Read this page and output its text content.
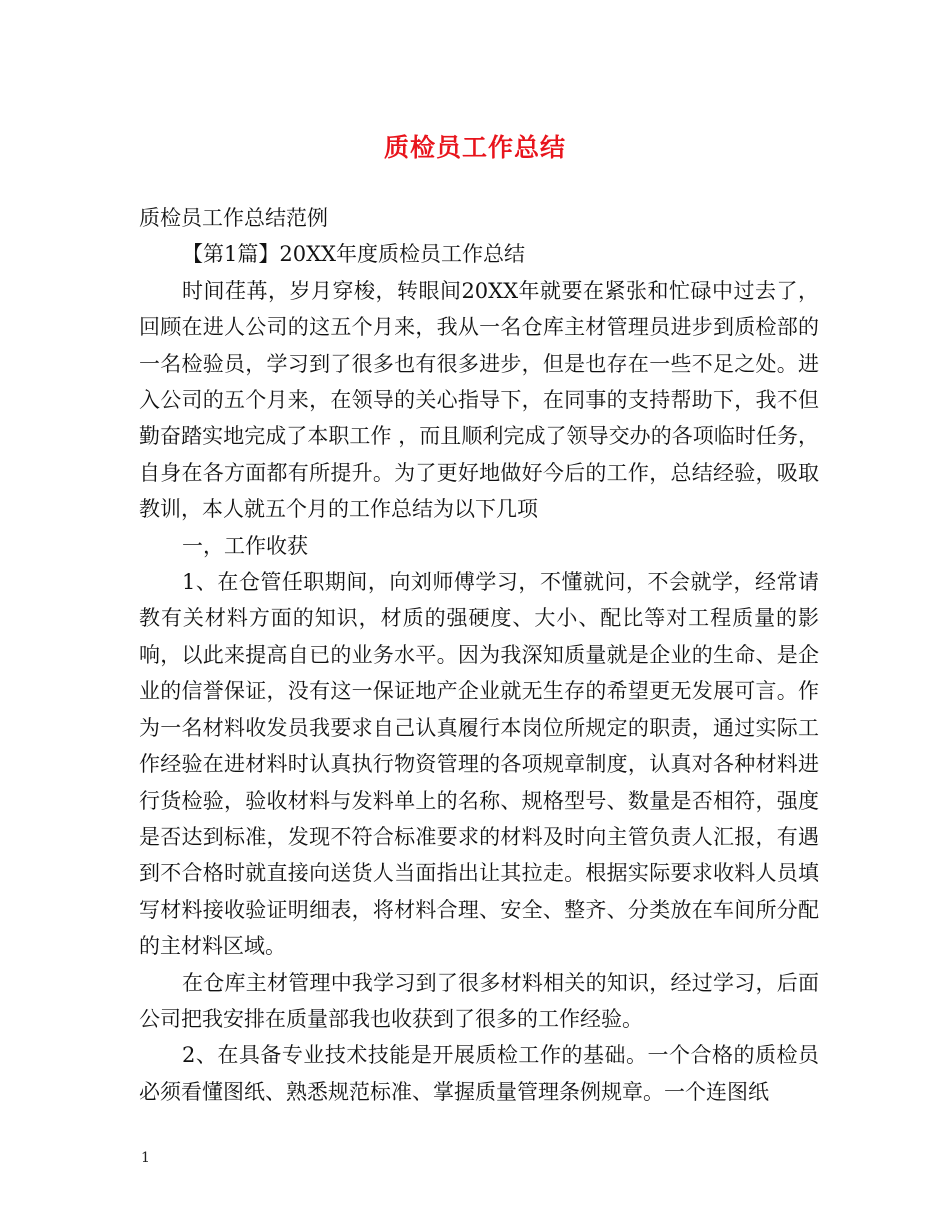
质检员工作总结

质检员工作总结范例

【第1篇】20XX年度质检员工作总结

时间荏苒，岁月穿梭，转眼间20XX年就要在紧张和忙碌中过去了，回顾在进人公司的这五个月来，我从一名仓库主材管理员进步到质检部的一名检验员，学习到了很多也有很多进步，但是也存在一些不足之处。进入公司的五个月来，在领导的关心指导下，在同事的支持帮助下，我不但勤奋踏实地完成了本职工作 ，而且顺利完成了领导交办的各项临时任务，自身在各方面都有所提升。为了更好地做好今后的工作，总结经验，吸取教训，本人就五个月的工作总结为以下几项

一，工作收获

1、在仓管任职期间，向刘师傅学习，不懂就问，不会就学，经常请教有关材料方面的知识，材质的强硬度、大小、配比等对工程质量的影响，以此来提高自已的业务水平。因为我深知质量就是企业的生命、是企业的信誉保证，没有这一保证地产企业就无生存的希望更无发展可言。作为一名材料收发员我要求自己认真履行本岗位所规定的职责，通过实际工作经验在进材料时认真执行物资管理的各项规章制度，认真对各种材料进行货检验，验收材料与发料单上的名称、规格型号、数量是否相符，强度是否达到标准，发现不符合标准要求的材料及时向主管负责人汇报，有遇到不合格时就直接向送货人当面指出让其拉走。根据实际要求收料人员填写材料接收验证明细表，将材料合理、安全、整齐、分类放在车间所分配的主材料区域。

在仓库主材管理中我学习到了很多材料相关的知识，经过学习，后面公司把我安排在质量部我也收获到了很多的工作经验。

2、在具备专业技术技能是开展质检工作的基础。一个合格的质检员必须看懂图纸、熟悉规范标准、掌握质量管理条例规章。一个连图纸

1
